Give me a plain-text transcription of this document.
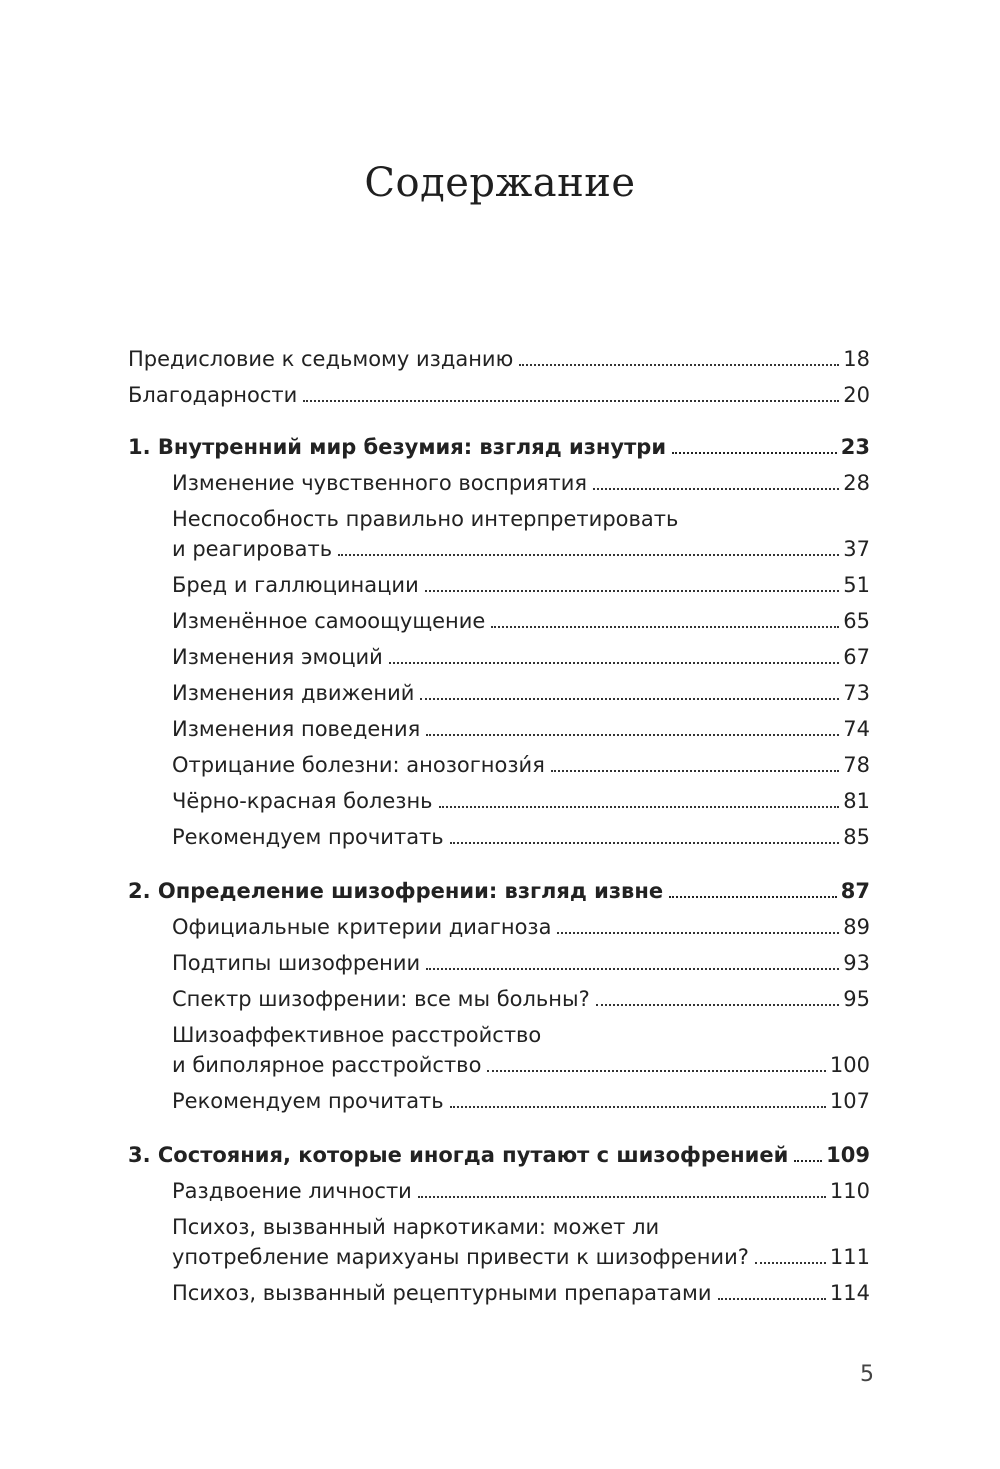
Содержание
Предисловие к седьмому изданию	18
Благодарности	20
1. Внутренний мир безумия: взгляд изнутри	23
Изменение чувственного восприятия	28
Неспособность правильно интерпретировать
и реагировать	37
Бред и галлюцинации	51
Изменённое самоощущение	65
Изменения эмоций	67
Изменения движений	73
Изменения поведения	74
Отрицание болезни: анозогнози́я	78
Чёрно-красная болезнь	81
Рекомендуем прочитать	85
2. Определение шизофрении: взгляд извне	87
Официальные критерии диагноза	89
Подтипы шизофрении	93
Спектр шизофрении: все мы больны?	95
Шизоаффективное расстройство
и биполярное расстройство	100
Рекомендуем прочитать	107
3. Состояния, которые иногда путают с шизофренией 109
Раздвоение личности	110
Психоз, вызванный наркотиками: может ли
употребление марихуаны привести к шизофрении?	111
Психоз, вызванный рецептурными препаратами	114
5
